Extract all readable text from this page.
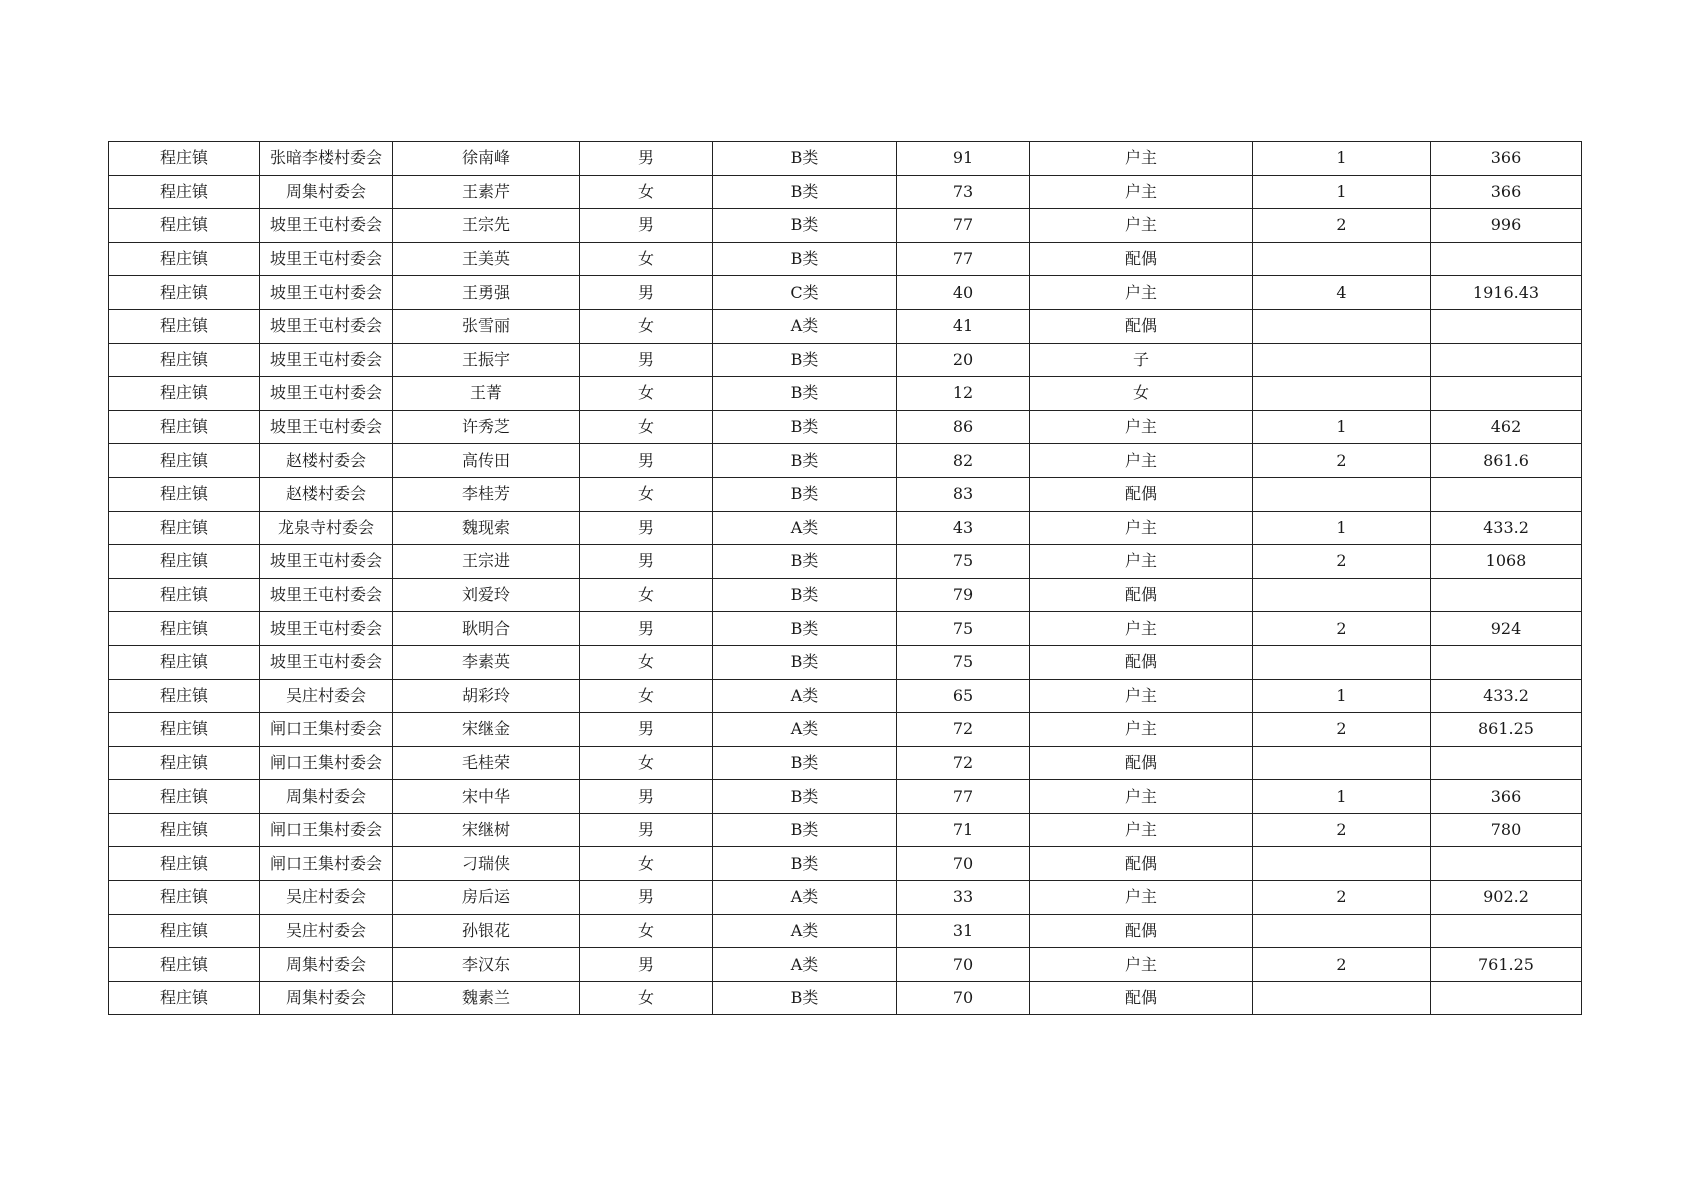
程庄镇	张暗李楼村委会	徐南峰	男	B类	91	户主	1	366
程庄镇	周集村委会	王素芹	女	B类	73	户主	1	366
程庄镇	坡里王屯村委会	王宗先	男	B类	77	户主	2	996
程庄镇	坡里王屯村委会	王美英	女	B类	77	配偶		
程庄镇	坡里王屯村委会	王勇强	男	C类	40	户主	4	1916.43
程庄镇	坡里王屯村委会	张雪丽	女	A类	41	配偶		
程庄镇	坡里王屯村委会	王振宇	男	B类	20	子		
程庄镇	坡里王屯村委会	王菁	女	B类	12	女		
程庄镇	坡里王屯村委会	许秀芝	女	B类	86	户主	1	462
程庄镇	赵楼村委会	高传田	男	B类	82	户主	2	861.6
程庄镇	赵楼村委会	李桂芳	女	B类	83	配偶		
程庄镇	龙泉寺村委会	魏现索	男	A类	43	户主	1	433.2
程庄镇	坡里王屯村委会	王宗进	男	B类	75	户主	2	1068
程庄镇	坡里王屯村委会	刘爱玲	女	B类	79	配偶		
程庄镇	坡里王屯村委会	耿明合	男	B类	75	户主	2	924
程庄镇	坡里王屯村委会	李素英	女	B类	75	配偶		
程庄镇	吴庄村委会	胡彩玲	女	A类	65	户主	1	433.2
程庄镇	闸口王集村委会	宋继金	男	A类	72	户主	2	861.25
程庄镇	闸口王集村委会	毛桂荣	女	B类	72	配偶		
程庄镇	周集村委会	宋中华	男	B类	77	户主	1	366
程庄镇	闸口王集村委会	宋继树	男	B类	71	户主	2	780
程庄镇	闸口王集村委会	刁瑞侠	女	B类	70	配偶		
程庄镇	吴庄村委会	房后运	男	A类	33	户主	2	902.2
程庄镇	吴庄村委会	孙银花	女	A类	31	配偶		
程庄镇	周集村委会	李汉东	男	A类	70	户主	2	761.25
程庄镇	周集村委会	魏素兰	女	B类	70	配偶		
